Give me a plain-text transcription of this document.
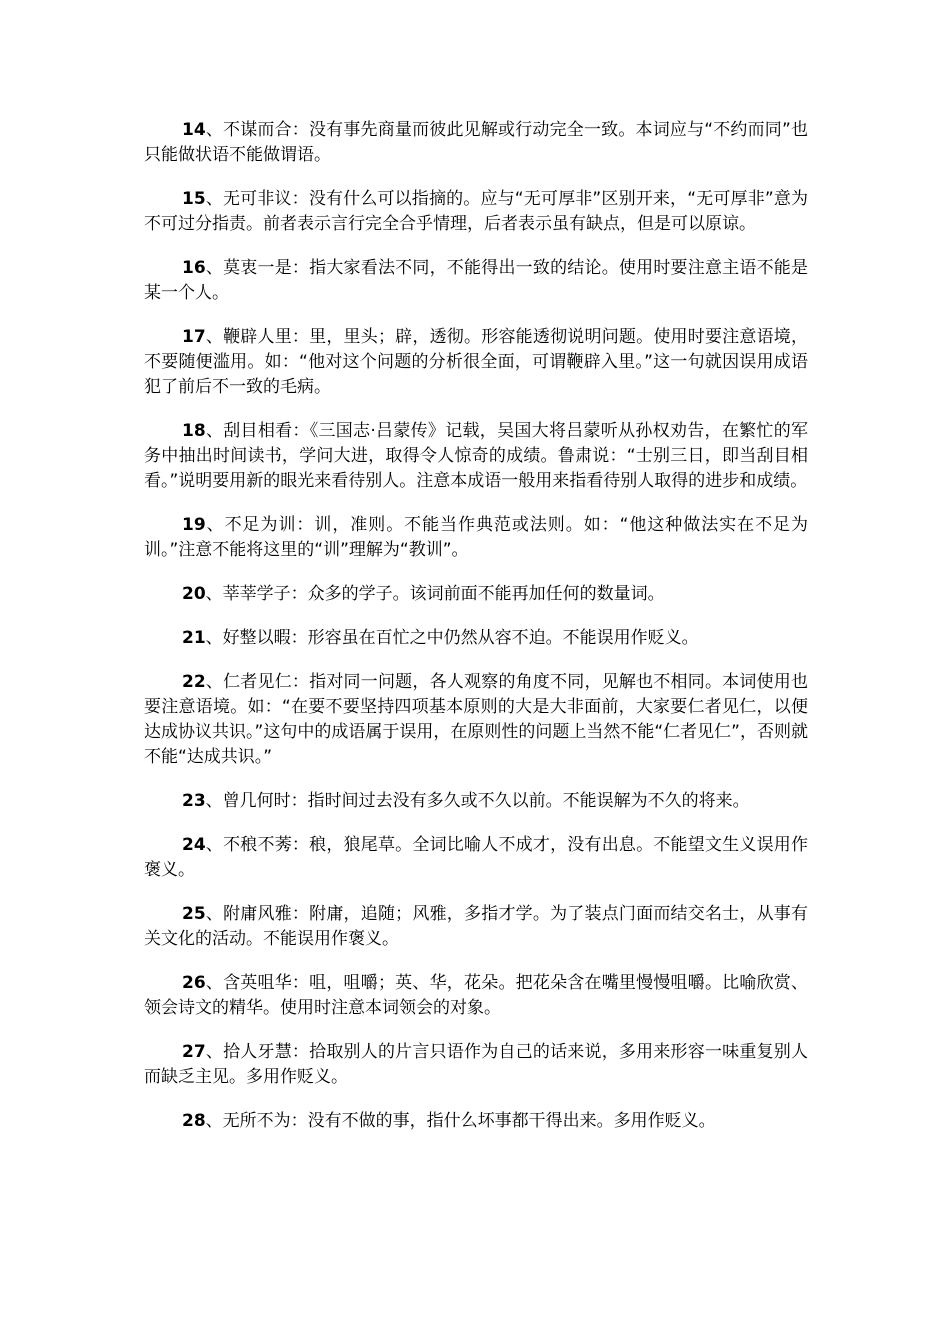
14、不谋而合：没有事先商量而彼此见解或行动完全一致。本词应与“不约而同”也只能做状语不能做谓语。

15、无可非议：没有什么可以指摘的。应与“无可厚非”区别开来，“无可厚非”意为不可过分指责。前者表示言行完全合乎情理，后者表示虽有缺点，但是可以原谅。

16、莫衷一是：指大家看法不同，不能得出一致的结论。使用时要注意主语不能是某一个人。

17、鞭辟人里：里，里头；辟，透彻。形容能透彻说明问题。使用时要注意语境，不要随便滥用。如：“他对这个问题的分析很全面，可谓鞭辟入里。”这一句就因误用成语犯了前后不一致的毛病。

18、刮目相看：《三国志·吕蒙传》记载，吴国大将吕蒙听从孙权劝告，在繁忙的军务中抽出时间读书，学问大进，取得令人惊奇的成绩。鲁肃说：“士别三日，即当刮目相看。”说明要用新的眼光来看待别人。注意本成语一般用来指看待别人取得的进步和成绩。

19、不足为训：训，准则。不能当作典范或法则。如：“他这种做法实在不足为训。”注意不能将这里的“训”理解为“教训”。

20、莘莘学子：众多的学子。该词前面不能再加任何的数量词。

21、好整以暇：形容虽在百忙之中仍然从容不迫。不能误用作贬义。

22、仁者见仁：指对同一问题，各人观察的角度不同，见解也不相同。本词使用也要注意语境。如：“在要不要坚持四项基本原则的大是大非面前，大家要仁者见仁，以便达成协议共识。”这句中的成语属于误用，在原则性的问题上当然不能“仁者见仁”，否则就不能“达成共识。”

23、曾几何时：指时间过去没有多久或不久以前。不能误解为不久的将来。

24、不稂不莠：稂，狼尾草。全词比喻人不成才，没有出息。不能望文生义误用作褒义。

25、附庸风雅：附庸，追随；风雅，多指才学。为了装点门面而结交名士，从事有关文化的活动。不能误用作褒义。

26、含英咀华：咀，咀嚼；英、华，花朵。把花朵含在嘴里慢慢咀嚼。比喻欣赏、领会诗文的精华。使用时注意本词领会的对象。

27、拾人牙慧：拾取别人的片言只语作为自己的话来说，多用来形容一味重复别人而缺乏主见。多用作贬义。

28、无所不为：没有不做的事，指什么坏事都干得出来。多用作贬义。
